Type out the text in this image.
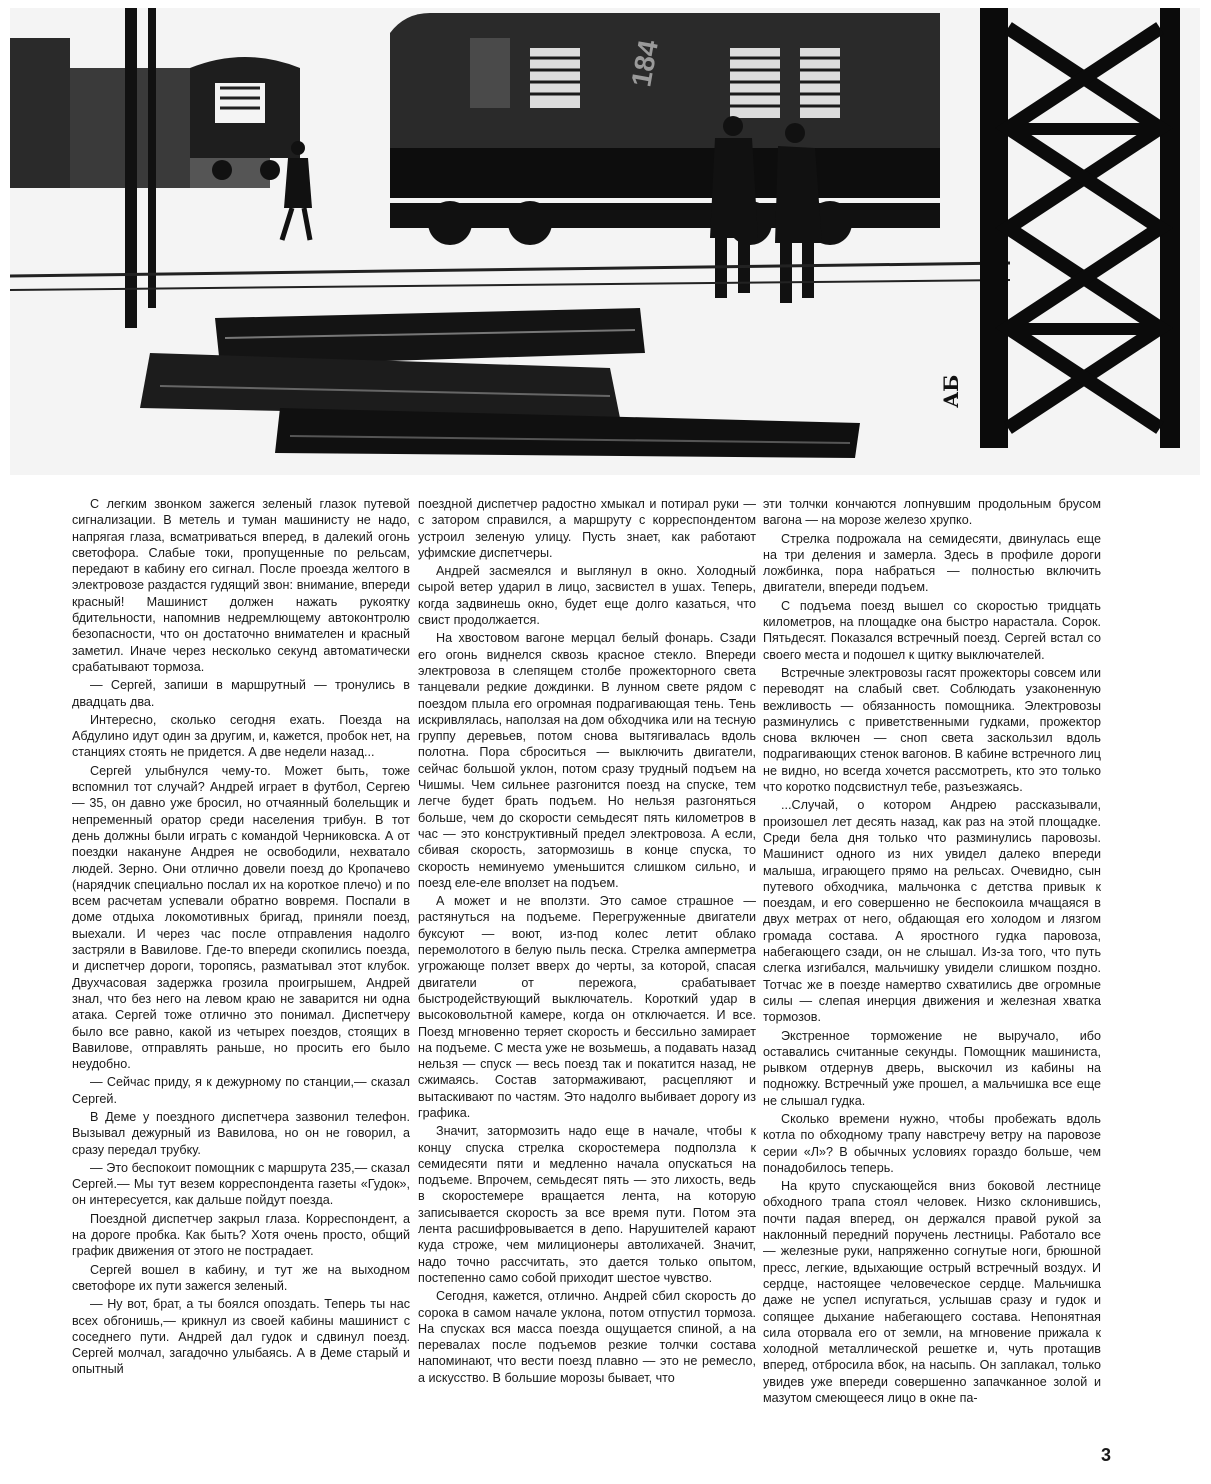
184
АБ

С легким звонком зажегся зеленый глазок путевой сигнализации. В метель и туман машинисту не надо, напрягая глаза, всматриваться вперед, в далекий огонь светофора. Слабые токи, пропущенные по рельсам, передают в кабину его сигнал. После проезда желтого в электровозе раздастся гудящий звон: внимание, впереди красный! Машинист должен нажать рукоятку бдительности, напомнив недремлющему автоконтролю безопасности, что он достаточно внимателен и красный заметил. Иначе через несколько секунд автоматически срабатывают тормоза.

— Сергей, запиши в маршрутный — тронулись в двадцать два.

Интересно, сколько сегодня ехать. Поезда на Абдулино идут один за другим, и, кажется, пробок нет, на станциях стоять не придется. А две недели назад...

Сергей улыбнулся чему-то. Может быть, тоже вспомнил тот случай? Андрей играет в футбол, Сергею — 35, он давно уже бросил, но отчаянный болельщик и непременный оратор среди населения трибун. В тот день должны были играть с командой Черниковска. А от поездки накануне Андрея не освободили, нехватало людей. Зерно. Они отлично довели поезд до Кропачево (нарядчик специально послал их на короткое плечо) и по всем расчетам успевали обратно вовремя. Поспали в доме отдыха локомотивных бригад, приняли поезд, выехали. И через час после отправления надолго застряли в Вавилове. Где-то впереди скопились поезда, и диспетчер дороги, торопясь, разматывал этот клубок. Двухчасовая задержка грозила проигрышем, Андрей знал, что без него на левом краю не заварится ни одна атака. Сергей тоже отлично это понимал. Диспетчеру было все равно, какой из четырех поездов, стоящих в Вавилове, отправлять раньше, но просить его было неудобно.

— Сейчас приду, я к дежурному по станции,— сказал Сергей.

В Деме у поездного диспетчера зазвонил телефон. Вызывал дежурный из Вавилова, но он не говорил, а сразу передал трубку.

— Это беспокоит помощник с маршрута 235,— сказал Сергей.— Мы тут везем корреспондента газеты «Гудок», он интересуется, как дальше пойдут поезда.

Поездной диспетчер закрыл глаза. Корреспондент, а на дороге пробка. Как быть? Хотя очень просто, общий график движения от этого не пострадает.

Сергей вошел в кабину, и тут же на выходном светофоре их пути зажегся зеленый.

— Ну вот, брат, а ты боялся опоздать. Теперь ты нас всех обгонишь,— крикнул из своей кабины машинист с соседнего пути. Андрей дал гудок и сдвинул поезд. Сергей молчал, загадочно улыбаясь. А в Деме старый и опытный

поездной диспетчер радостно хмыкал и потирал руки — с затором справился, а маршруту с корреспондентом устроил зеленую улицу. Пусть знает, как работают уфимские диспетчеры.

Андрей засмеялся и выглянул в окно. Холодный сырой ветер ударил в лицо, засвистел в ушах. Теперь, когда задвинешь окно, будет еще долго казаться, что свист продолжается.

На хвостовом вагоне мерцал белый фонарь. Сзади его огонь виднелся сквозь красное стекло. Впереди электровоза в слепящем столбе прожекторного света танцевали редкие дождинки. В лунном свете рядом с поездом плыла его огромная подрагивающая тень. Тень искривлялась, наползая на дом обходчика или на тесную группу деревьев, потом снова вытягивалась вдоль полотна. Пора сброситься — выключить двигатели, сейчас большой уклон, потом сразу трудный подъем на Чишмы. Чем сильнее разгонится поезд на спуске, тем легче будет брать подъем. Но нельзя разгоняться больше, чем до скорости семьдесят пять километров в час — это конструктивный предел электровоза. А если, сбивая скорость, затормозишь в конце спуска, то скорость неминуемо уменьшится слишком сильно, и поезд еле-еле вползет на подъем.

А может и не вползти. Это самое страшное — растянуться на подъеме. Перегруженные двигатели буксуют — воют, из-под колес летит облако перемолотого в белую пыль песка. Стрелка амперметра угрожающе ползет вверх до черты, за которой, спасая двигатели от пережога, срабатывает быстродействующий выключатель. Короткий удар в высоковольтной камере, когда он отключается. И все. Поезд мгновенно теряет скорость и бессильно замирает на подъеме. С места уже не возьмешь, а подавать назад нельзя — спуск — весь поезд так и покатится назад, не сжимаясь. Состав затормаживают, расцепляют и вытаскивают по частям. Это надолго выбивает дорогу из графика.

Значит, затормозить надо еще в начале, чтобы к концу спуска стрелка скоростемера подползла к семидесяти пяти и медленно начала опускаться на подъеме. Впрочем, семьдесят пять — это лихость, ведь в скоростемере вращается лента, на которую записывается скорость за все время пути. Потом эта лента расшифровывается в депо. Нарушителей карают куда строже, чем милиционеры автолихачей. Значит, надо точно рассчитать, это дается только опытом, постепенно само собой приходит шестое чувство.

Сегодня, кажется, отлично. Андрей сбил скорость до сорока в самом начале уклона, потом отпустил тормоза. На спусках вся масса поезда ощущается спиной, а на перевалах после подъемов резкие толчки состава напоминают, что вести поезд плавно — это не ремесло, а искусство. В большие морозы бывает, что

эти толчки кончаются лопнувшим продольным брусом вагона — на морозе железо хрупко.

Стрелка подрожала на семидесяти, двинулась еще на три деления и замерла. Здесь в профиле дороги ложбинка, пора набраться — полностью включить двигатели, впереди подъем.

С подъема поезд вышел со скоростью тридцать километров, на площадке она быстро нарастала. Сорок. Пятьдесят. Показался встречный поезд. Сергей встал со своего места и подошел к щитку выключателей.

Встречные электровозы гасят прожекторы совсем или переводят на слабый свет. Соблюдать узаконенную вежливость — обязанность помощника. Электровозы разминулись с приветственными гудками, прожектор снова включен — сноп света заскользил вдоль подрагивающих стенок вагонов. В кабине встречного лиц не видно, но всегда хочется рассмотреть, кто это только что коротко подсвистнул тебе, разъезжаясь.

...Случай, о котором Андрею рассказывали, произошел лет десять назад, как раз на этой площадке. Среди бела дня только что разминулись паровозы. Машинист одного из них увидел далеко впереди малыша, играющего прямо на рельсах. Очевидно, сын путевого обходчика, мальчонка с детства привык к поездам, и его совершенно не беспокоила мчащаяся в двух метрах от него, обдающая его холодом и лязгом громада состава. А яростного гудка паровоза, набегающего сзади, он не слышал. Из-за того, что путь слегка изгибался, мальчишку увидели слишком поздно. Тотчас же в поезде намертво схватились две огромные силы — слепая инерция движения и железная хватка тормозов.

Экстренное торможение не выручало, ибо оставались считанные секунды. Помощник машиниста, рывком отдернув дверь, выскочил из кабины на подножку. Встречный уже прошел, а мальчишка все еще не слышал гудка.

Сколько времени нужно, чтобы пробежать вдоль котла по обходному трапу навстречу ветру на паровозе серии «Л»? В обычных условиях гораздо больше, чем понадобилось теперь.

На круто спускающейся вниз боковой лестнице обходного трапа стоял человек. Низко склонившись, почти падая вперед, он держался правой рукой за наклонный передний поручень лестницы. Работало все — железные руки, напряженно согнутые ноги, брюшной пресс, легкие, вдыхающие острый встречный воздух. И сердце, настоящее человеческое сердце. Мальчишка даже не успел испугаться, услышав сразу и гудок и сопящее дыхание набегающего состава. Непонятная сила оторвала его от земли, на мгновение прижала к холодной металлической решетке и, чуть протащив вперед, отбросила вбок, на насыпь. Он заплакал, только увидев уже впереди совершенно запачканное золой и мазутом смеющееся лицо в окне па-

3
